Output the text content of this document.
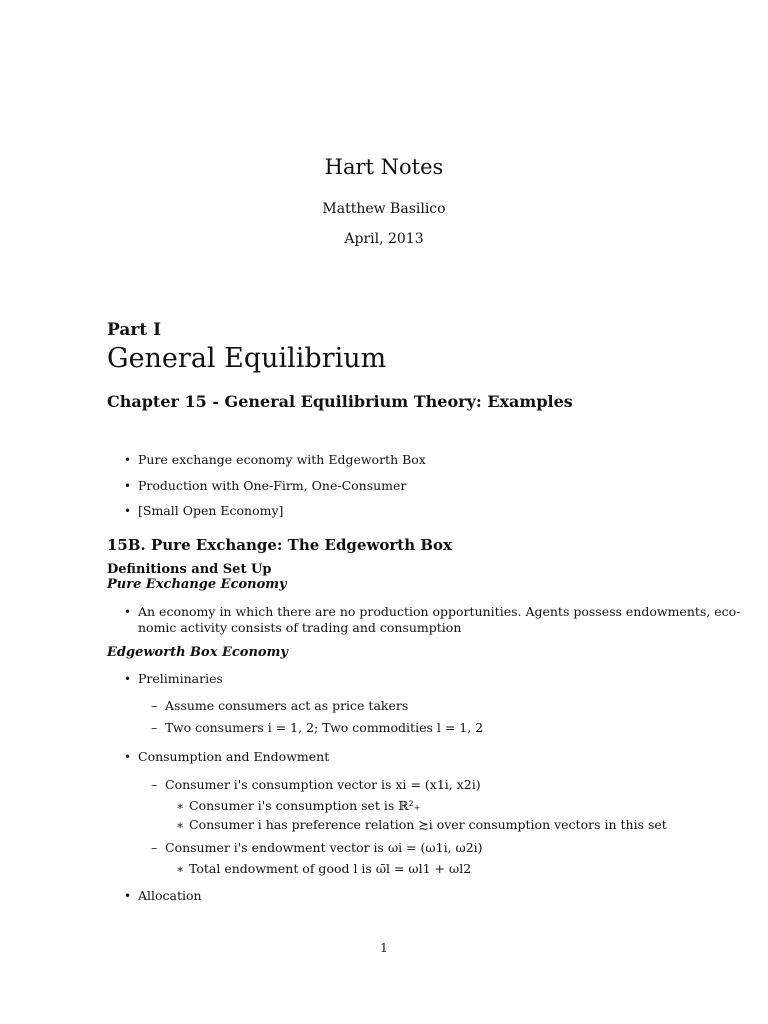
Hart Notes
Matthew Basilico
April, 2013
Part I
General Equilibrium
Chapter 15 - General Equilibrium Theory: Examples
• Pure exchange economy with Edgeworth Box
• Production with One-Firm, One-Consumer
• [Small Open Economy]
15B. Pure Exchange: The Edgeworth Box
Definitions and Set Up
Pure Exchange Economy
• An economy in which there are no production opportunities. Agents possess endowments, eco-
nomic activity consists of trading and consumption
Edgeworth Box Economy
• Preliminaries
– Assume consumers act as price takers
– Two consumers i = 1, 2; Two commodities l = 1, 2
• Consumption and Endowment
– Consumer i's consumption vector is xi = (x1i, x2i)
∗ Consumer i's consumption set is ℝ²₊
∗ Consumer i has preference relation ≿i over consumption vectors in this set
– Consumer i's endowment vector is ωi = (ω1i, ω2i)
∗ Total endowment of good l is ω̄l = ωl1 + ωl2
• Allocation
1
